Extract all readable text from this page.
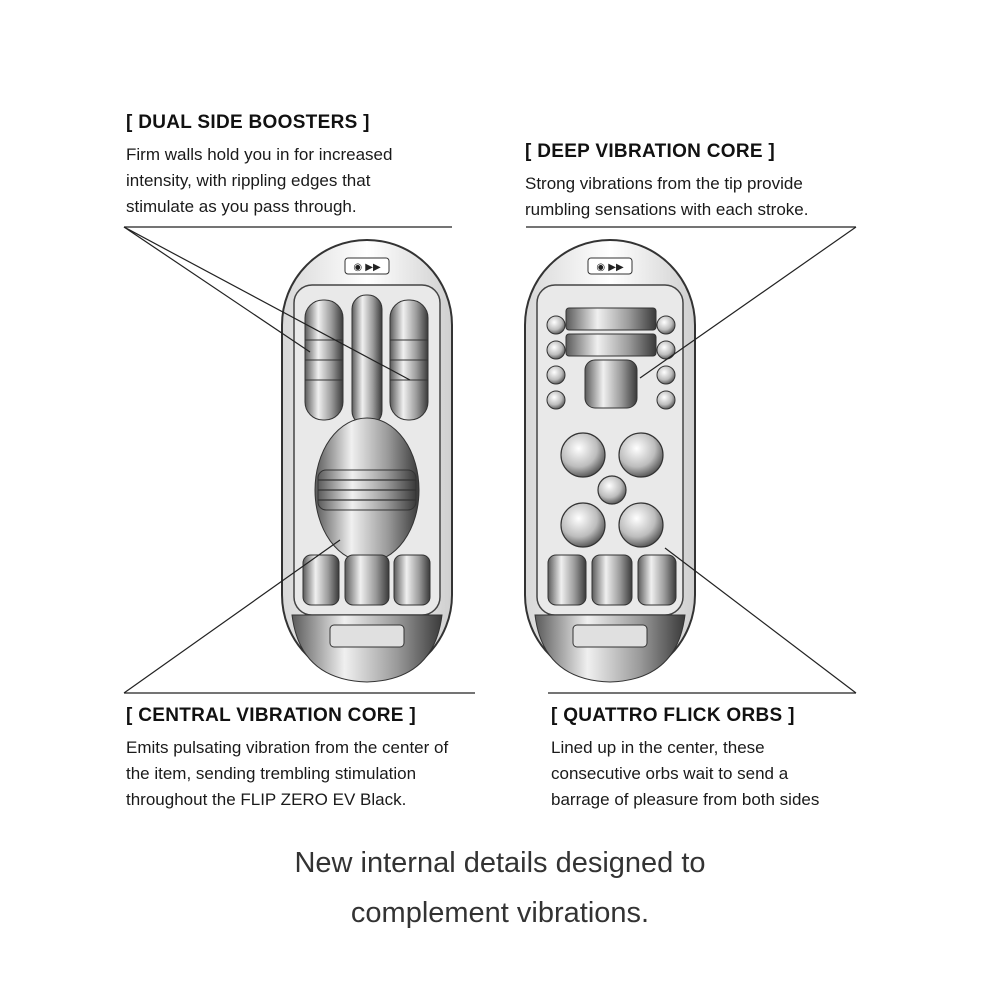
◉ ▶▶	◉ ▶▶
[ DUAL SIDE BOOSTERS ]

Firm walls hold you in for increased
intensity, with rippling edges that
stimulate as you pass through.

[ DEEP VIBRATION CORE ]

Strong vibrations from the tip provide
rumbling sensations with each stroke.

[ CENTRAL VIBRATION CORE ]

Emits pulsating vibration from the center of
the item, sending trembling stimulation
throughout the FLIP ZERO EV Black.

[ QUATTRO FLICK ORBS ]

Lined up in the center, these
consecutive orbs wait to send a
barrage of pleasure from both sides

New internal details designed to
complement vibrations.
